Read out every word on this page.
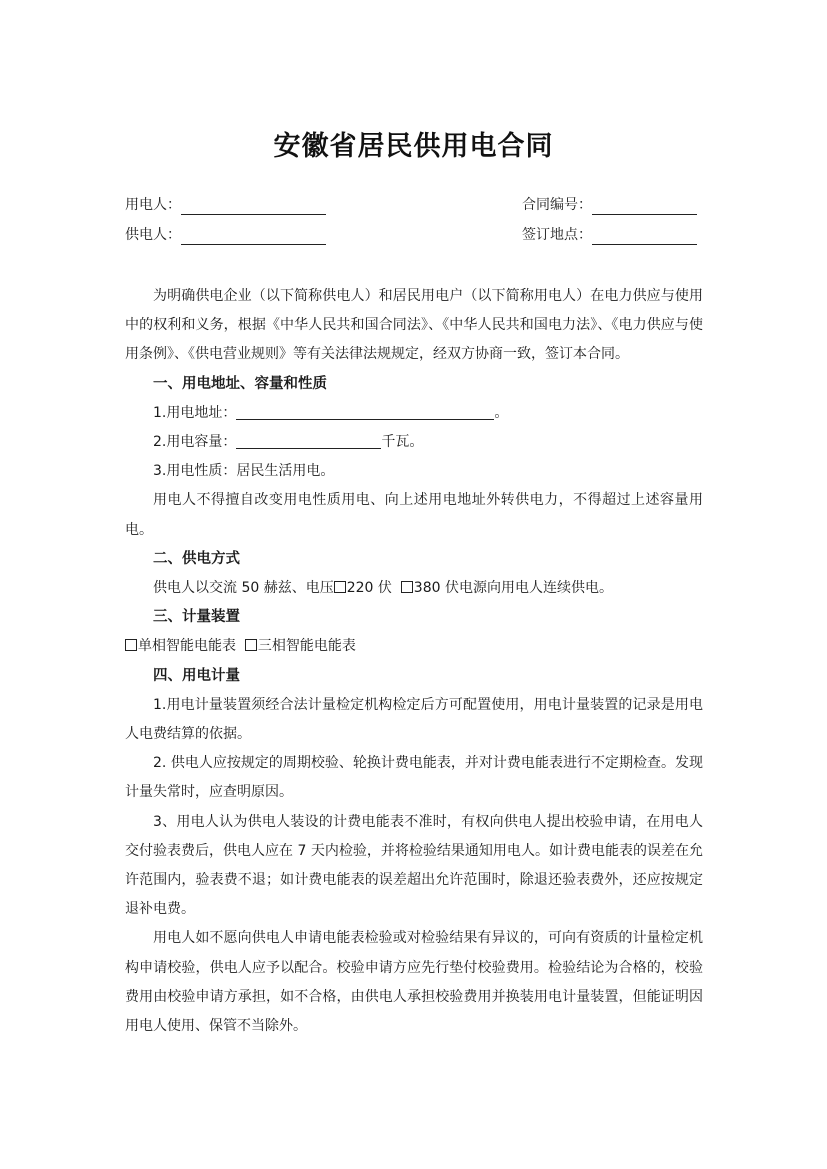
安徽省居民供用电合同
用电人：
供电人：
合同编号：
签订地点：

为明确供电企业（以下简称供电人）和居民用电户（以下简称用电人）在电力供应与使用中的权利和义务，根据《中华人民共和国合同法》、《中华人民共和国电力法》、《电力供应与使用条例》、《供电营业规则》等有关法律法规规定，经双方协商一致，签订本合同。

一、用电地址、容量和性质

1.用电地址：	。

2.用电容量：	千瓦。

3.用电性质：居民生活用电。

用电人不得擅自改变用电性质用电、向上述用电地址外转供电力，不得超过上述容量用电。

二、供电方式

供电人以交流 50 赫兹、电压 220 伏 380 伏电源向用电人连续供电。

三、计量装置

单相智能电能表 三相智能电能表

四、用电计量

1.用电计量装置须经合法计量检定机构检定后方可配置使用，用电计量装置的记录是用电人电费结算的依据。

2. 供电人应按规定的周期校验、轮换计费电能表，并对计费电能表进行不定期检查。发现计量失常时，应查明原因。

3、用电人认为供电人装设的计费电能表不准时，有权向供电人提出校验申请，在用电人交付验表费后，供电人应在 7 天内检验，并将检验结果通知用电人。如计费电能表的误差在允许范围内，验表费不退；如计费电能表的误差超出允许范围时，除退还验表费外，还应按规定退补电费。

用电人如不愿向供电人申请电能表检验或对检验结果有异议的，可向有资质的计量检定机构申请校验，供电人应予以配合。校验申请方应先行垫付校验费用。检验结论为合格的，校验费用由校验申请方承担，如不合格，由供电人承担校验费用并换装用电计量装置，但能证明因用电人使用、保管不当除外。
